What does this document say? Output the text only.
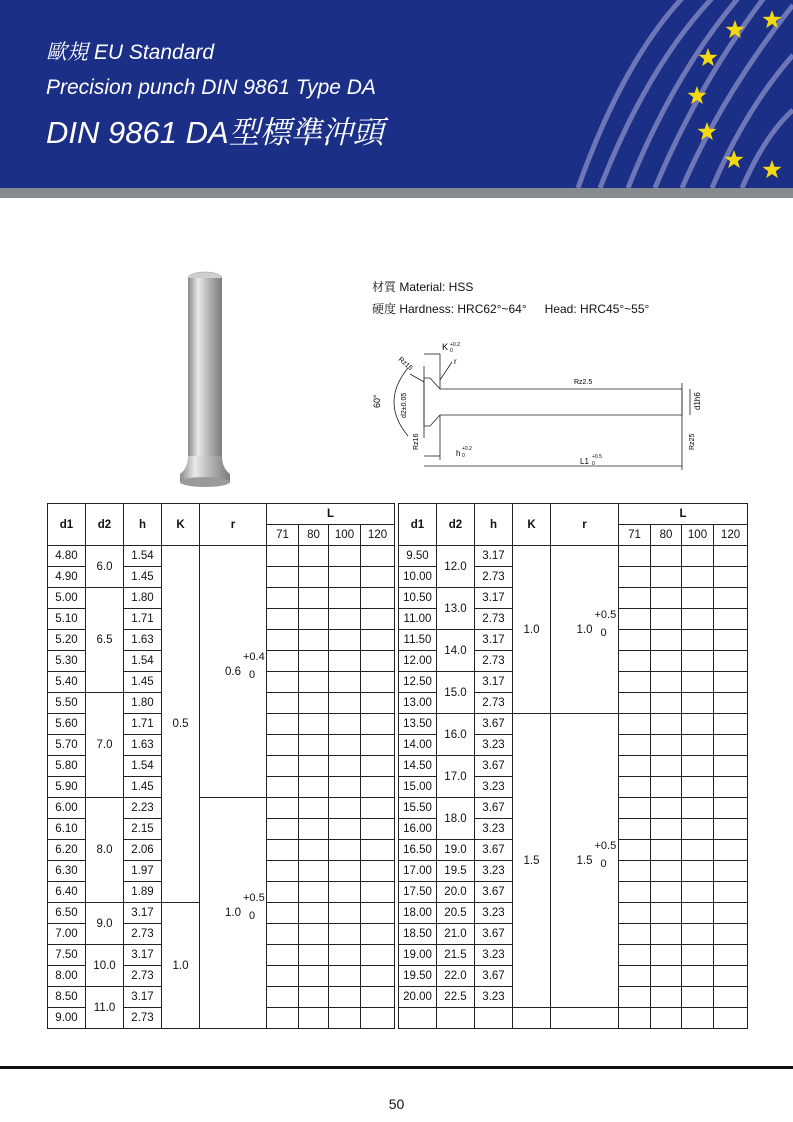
歐規 EU Standard
Precision punch DIN 9861 Type DA
DIN 9861 DA型標準沖頭
材質 Material: HSS
硬度 Hardness: HRC62°~64° Head: HRC45°~55°
K +0.2
0
r
Rz16
60°	d2±0.05
Rz16
Rz2.5
d1h6
Rz25
h +0.2
0
L1 +0.5
0
d1	d2	h	K	r	L			
					71	80	100	120
4.80	6.0	1.54	0.5	0.6
+0.4
0				

4.90		1.45						
5.00	6.5	1.80						
5.10		1.71						
5.20		1.63						
5.30		1.54						
5.40		1.45						
5.50	7.0	1.80						
5.60		1.71						
5.70		1.63						
5.80		1.54						
5.90		1.45						
6.00	8.0	2.23		1.0
+0.5
0				

6.10		2.15						
6.20		2.06						
6.30		1.97						
6.40		1.89						
6.50	9.0	3.17	1.0					
7.00		2.73						
7.50	10.0	3.17						
8.00		2.73						
8.50	11.0	3.17						
9.00		2.73						
d1	d2	h	K	r	L			
					71	80	100	120
9.50	12.0	3.17	1.0	1.0
+0.5
0				

10.00		2.73						
10.50	13.0	3.17						
11.00		2.73						
11.50	14.0	3.17						
12.00		2.73						
12.50	15.0	3.17						
13.00		2.73						
13.50	16.0	3.67	1.5	1.5
+0.5
0				

14.00		3.23						
14.50	17.0	3.67						
15.00		3.23						
15.50	18.0	3.67						
16.00		3.23						
16.50	19.0	3.67						
17.00	19.5	3.23						
17.50	20.0	3.67						
18.00	20.5	3.23						
18.50	21.0	3.67						
19.00	21.5	3.23						
19.50	22.0	3.67						
20.00	22.5	3.23						

50
